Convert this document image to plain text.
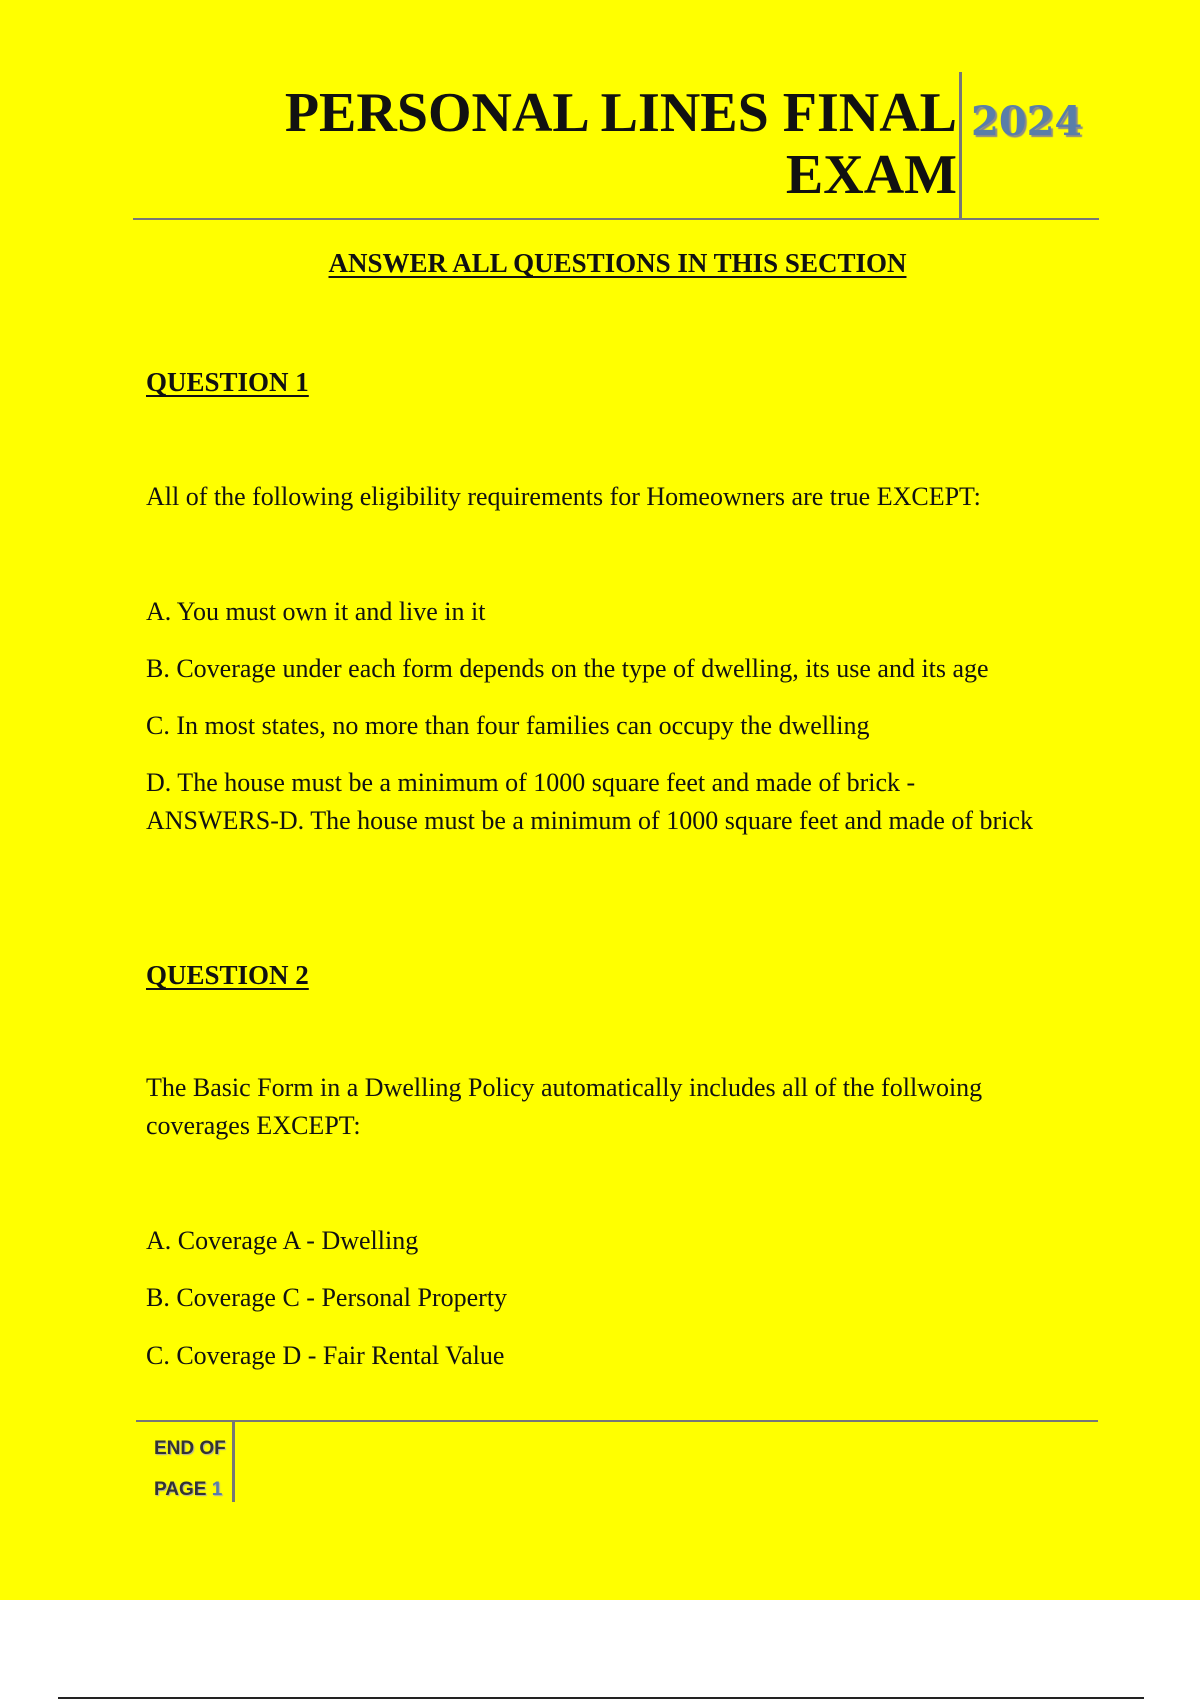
PERSONAL LINES FINAL
EXAM
2024
ANSWER ALL QUESTIONS IN THIS SECTION
QUESTION 1
All of the following eligibility requirements for Homeowners are true EXCEPT:
A. You must own it and live in it
B. Coverage under each form depends on the type of dwelling, its use and its age
C. In most states, no more than four families can occupy the dwelling
D. The house must be a minimum of 1000 square feet and made of brick - ANSWERS-D. The house must be a minimum of 1000 square feet and made of brick
QUESTION 2
The Basic Form in a Dwelling Policy automatically includes all of the follwoing coverages EXCEPT:
A. Coverage A - Dwelling
B. Coverage C - Personal Property
C. Coverage D - Fair Rental Value
END OF
PAGE 1
